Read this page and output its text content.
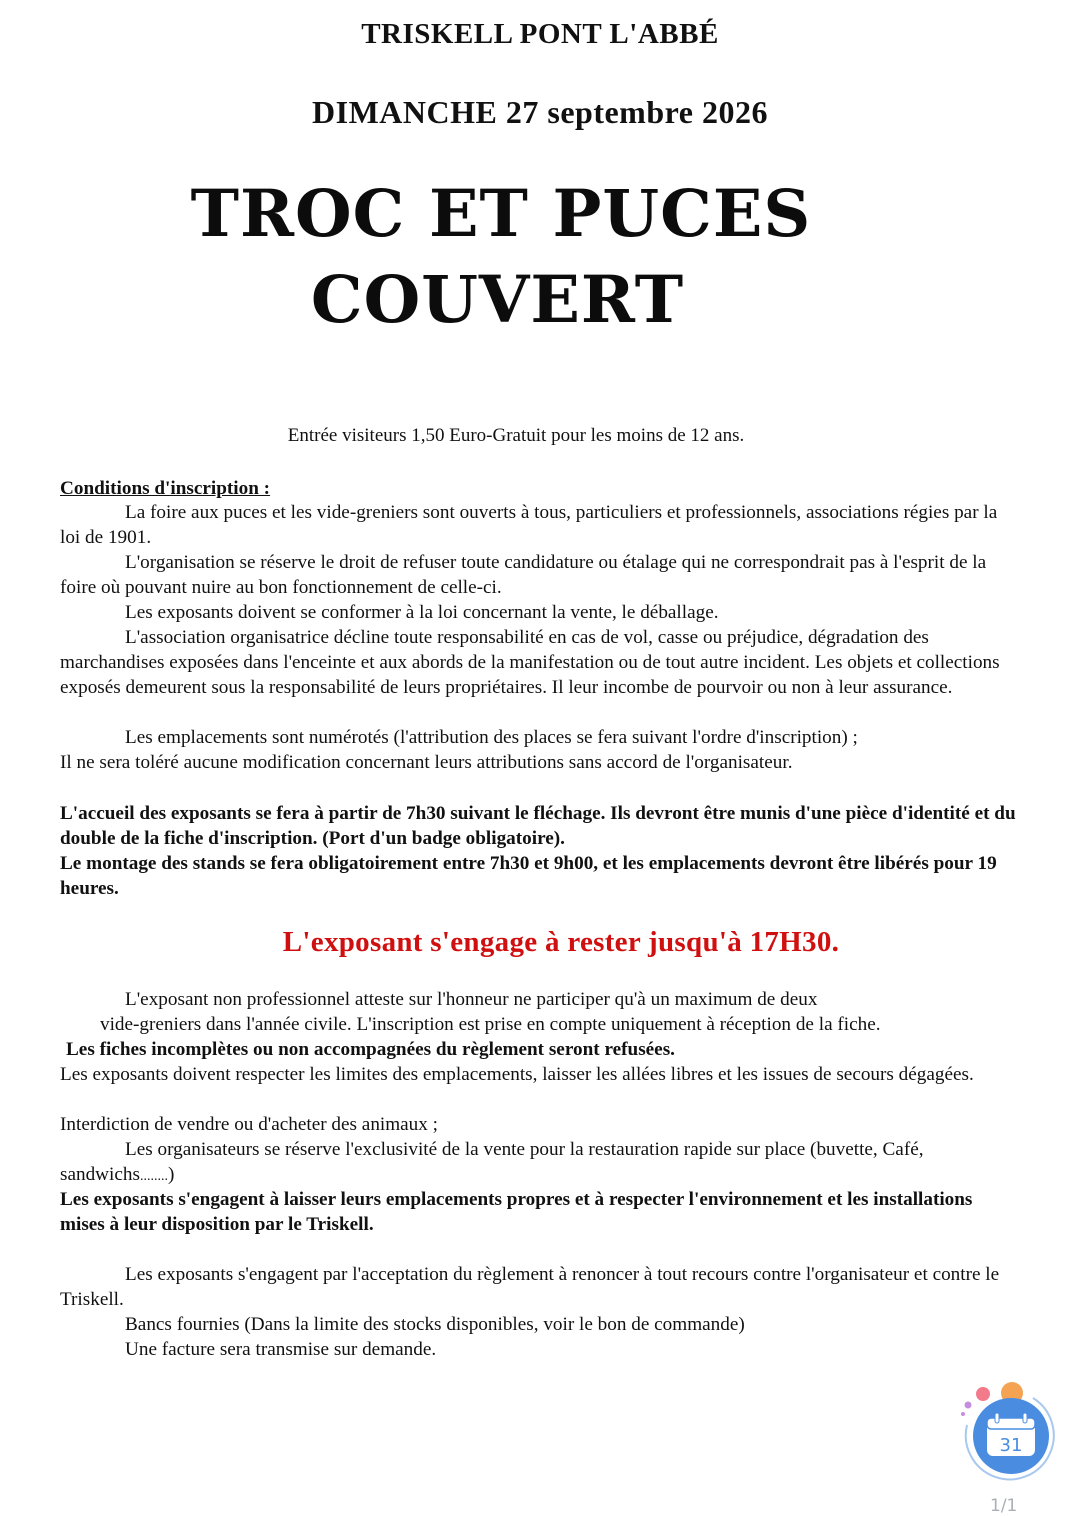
TRISKELL PONT L'ABBÉ
DIMANCHE 27 septembre 2026
TROC ET PUCES
COUVERT
Entrée visiteurs 1,50 Euro-Gratuit pour les moins de 12 ans.
Conditions d'inscription :
La foire aux puces et les vide-greniers sont ouverts à tous, particuliers et professionnels, associations régies par la loi de 1901.
L'organisation se réserve le droit de refuser toute candidature ou étalage qui ne correspondrait pas à l'esprit de la foire où pouvant nuire au bon fonctionnement de celle-ci.
Les exposants doivent se conformer à la loi concernant la vente, le déballage.
L'association organisatrice décline toute responsabilité en cas de vol, casse ou préjudice, dégradation des marchandises exposées dans l'enceinte et aux abords de la manifestation ou de tout autre incident. Les objets et collections exposés demeurent sous la responsabilité de leurs propriétaires. Il leur incombe de pourvoir ou non à leur assurance.
Les emplacements sont numérotés (l'attribution des places se fera suivant l'ordre d'inscription) ;
Il ne sera toléré aucune modification concernant leurs attributions sans accord de l'organisateur.
L'accueil des exposants se fera à partir de 7h30 suivant le fléchage. Ils devront être munis d'une pièce d'identité et du double de la fiche d'inscription. (Port d'un badge obligatoire).
Le montage des stands se fera obligatoirement entre 7h30 et 9h00, et les emplacements devront être libérés pour 19 heures.
L'exposant s'engage à rester jusqu'à 17H30.
L'exposant non professionnel atteste sur l'honneur ne participer qu'à un maximum de deux
vide-greniers dans l'année civile. L'inscription est prise en compte uniquement à réception de la fiche.
Les fiches incomplètes ou non accompagnées du règlement seront refusées.
Les exposants doivent respecter les limites des emplacements, laisser les allées libres et les issues de secours dégagées.
Interdiction de vendre ou d'acheter des animaux ;
Les organisateurs se réserve l'exclusivité de la vente pour la restauration rapide sur place (buvette, Café, sandwichs........)
Les exposants s'engagent à laisser leurs emplacements propres et à respecter l'environnement et les installations mises à leur disposition par le Triskell.
Les exposants s'engagent par l'acceptation du règlement à renoncer à tout recours contre l'organisateur et contre le Triskell.
Bancs fournies (Dans la limite des stocks disponibles, voir le bon de commande)
Une facture sera transmise sur demande.
31
1/1
